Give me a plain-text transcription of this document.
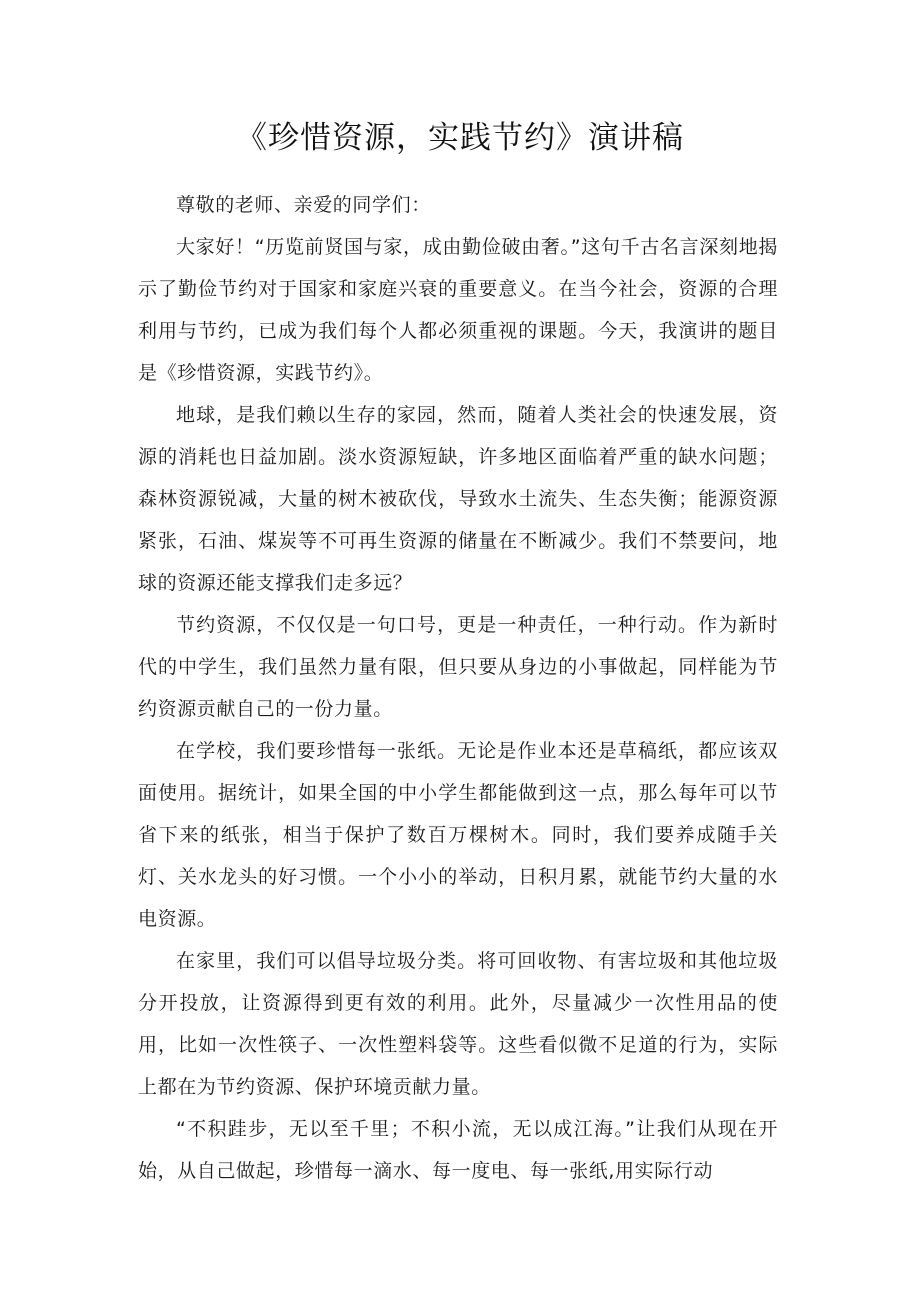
《珍惜资源，实践节约》演讲稿

尊敬的老师、亲爱的同学们：

大家好！“历览前贤国与家，成由勤俭破由奢。”这句千古名言深刻地揭示了勤俭节约对于国家和家庭兴衰的重要意义。在当今社会，资源的合理利用与节约，已成为我们每个人都必须重视的课题。今天，我演讲的题目是《珍惜资源，实践节约》。

地球，是我们赖以生存的家园，然而，随着人类社会的快速发展，资源的消耗也日益加剧。淡水资源短缺，许多地区面临着严重的缺水问题；森林资源锐减，大量的树木被砍伐，导致水土流失、生态失衡；能源资源紧张，石油、煤炭等不可再生资源的储量在不断减少。我们不禁要问，地球的资源还能支撑我们走多远？

节约资源，不仅仅是一句口号，更是一种责任，一种行动。作为新时代的中学生，我们虽然力量有限，但只要从身边的小事做起，同样能为节约资源贡献自己的一份力量。

在学校，我们要珍惜每一张纸。无论是作业本还是草稿纸，都应该双面使用。据统计，如果全国的中小学生都能做到这一点，那么每年可以节省下来的纸张，相当于保护了数百万棵树木。同时，我们要养成随手关灯、关水龙头的好习惯。一个小小的举动，日积月累，就能节约大量的水电资源。

在家里，我们可以倡导垃圾分类。将可回收物、有害垃圾和其他垃圾分开投放，让资源得到更有效的利用。此外，尽量减少一次性用品的使用，比如一次性筷子、一次性塑料袋等。这些看似微不足道的行为，实际上都在为节约资源、保护环境贡献力量。

“不积跬步，无以至千里；不积小流，无以成江海。”让我们从现在开始，从自己做起，珍惜每一滴水、每一度电、每一张纸,用实际行动
